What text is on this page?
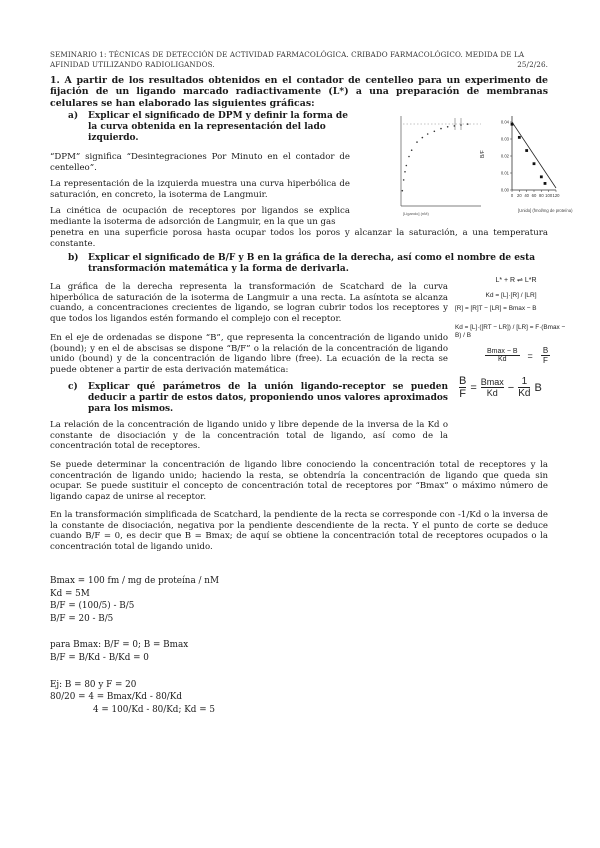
SEMINARIO 1: TÉCNICAS DE DETECCIÓN DE ACTIVIDAD FARMACOLÓGICA. CRIBADO FARMACOLÓGICO. MEDIDA DE LA AFINIDAD UTILIZANDO RADIOLIGANDOS.	25/2/26.
1. A partir de los resultados obtenidos en el contador de centelleo para un experimento de fijación de un ligando marcado radiactivamente (L*) a una preparación de membranas celulares se han elaborado las siguientes gráficas:
a)	Explicar el significado de DPM y definir la forma de la curva obtenida en la representación del lado izquierdo.
“DPM” significa “Desintegraciones Por Minuto en el contador de centelleo”.
La representación de la izquierda muestra una curva hiperbólica de saturación, en concreto, la isoterma de Langmuir.
La cinética de ocupación de receptores por ligandos se explica mediante la isoterma de adsorción de Langmuir, en la que un gas
penetra en una superficie porosa hasta ocupar todos los poros y alcanzar la saturación, a una temperatura constante.
[Ligando] (nM)
B/F
0.00
0.01
0.02
0.03
0.04
0 20 40 60 80 100 120
[Unido] (fmol/mg de proteína)
b)	Explicar el significado de B/F y B en la gráfica de la derecha, así como el nombre de esta transformación matemática y la forma de derivarla.
La gráfica de la derecha representa la transformación de Scatchard de la curva hiperbólica de saturación de la isoterma de Langmuir a una recta. La asíntota se alcanza cuando, a concentraciones crecientes de ligando, se logran cubrir todos los receptores y que todos los ligandos estén formando el complejo con el receptor.
En el eje de ordenadas se dispone “B”, que representa la concentración de ligando unido (bound); y en el de abscisas se dispone “B/F” o la relación de la concentración de ligando unido (bound) y de la concentración de ligando libre (free). La ecuación de la recta se puede obtener a partir de esta derivación matemática:
L* + R ⇌ L*R
Kd = [L]·[R] / [LR]
[R] = [R]T − [LR] = Bmax − B
Kd = [L]·([RT − LR]) / [LR] = F·(Bmax − B) / B
Bmax − B
Kd	= $\frac{B}{F}$
$\frac{B}{F} = Bmax$
$Kd - \frac{1}{Kd}$ B
c)	Explicar qué parámetros de la unión ligando-receptor se pueden deducir a partir de estos datos, proponiendo unos valores aproximados para los mismos.
La relación de la concentración de ligando unido y libre depende de la inversa de la Kd o constante de disociación y de la concentración total de ligando, así como de la concentración total de receptores.
Se puede determinar la concentración de ligando libre conociendo la concentración total de receptores y la concentración de ligando unido; haciendo la resta, se obtendría la concentración de ligando que queda sin ocupar. Se puede sustituir el concepto de concentración total de receptores por “Bmax” o máximo número de ligando capaz de unirse al receptor.
En la transformación simplificada de Scatchard, la pendiente de la recta se corresponde con -1/Kd o la inversa de la constante de disociación, negativa por la pendiente descendiente de la recta. Y el punto de corte se deduce cuando B/F = 0, es decir que B = Bmax; de aquí se obtiene la concentración total de receptores ocupados o la concentración total de ligando unido.
Bmax = 100 fm / mg de proteína / nM
Kd = 5M
B/F = (100/5) - B/5
B/F = 20 - B/5
para Bmax: B/F = 0; B = Bmax
B/F = B/Kd - B/Kd = 0
Ej: B = 80 y F = 20
80/20 = 4 = Bmax/Kd - 80/Kd
4 = 100/Kd - 80/Kd; Kd = 5
